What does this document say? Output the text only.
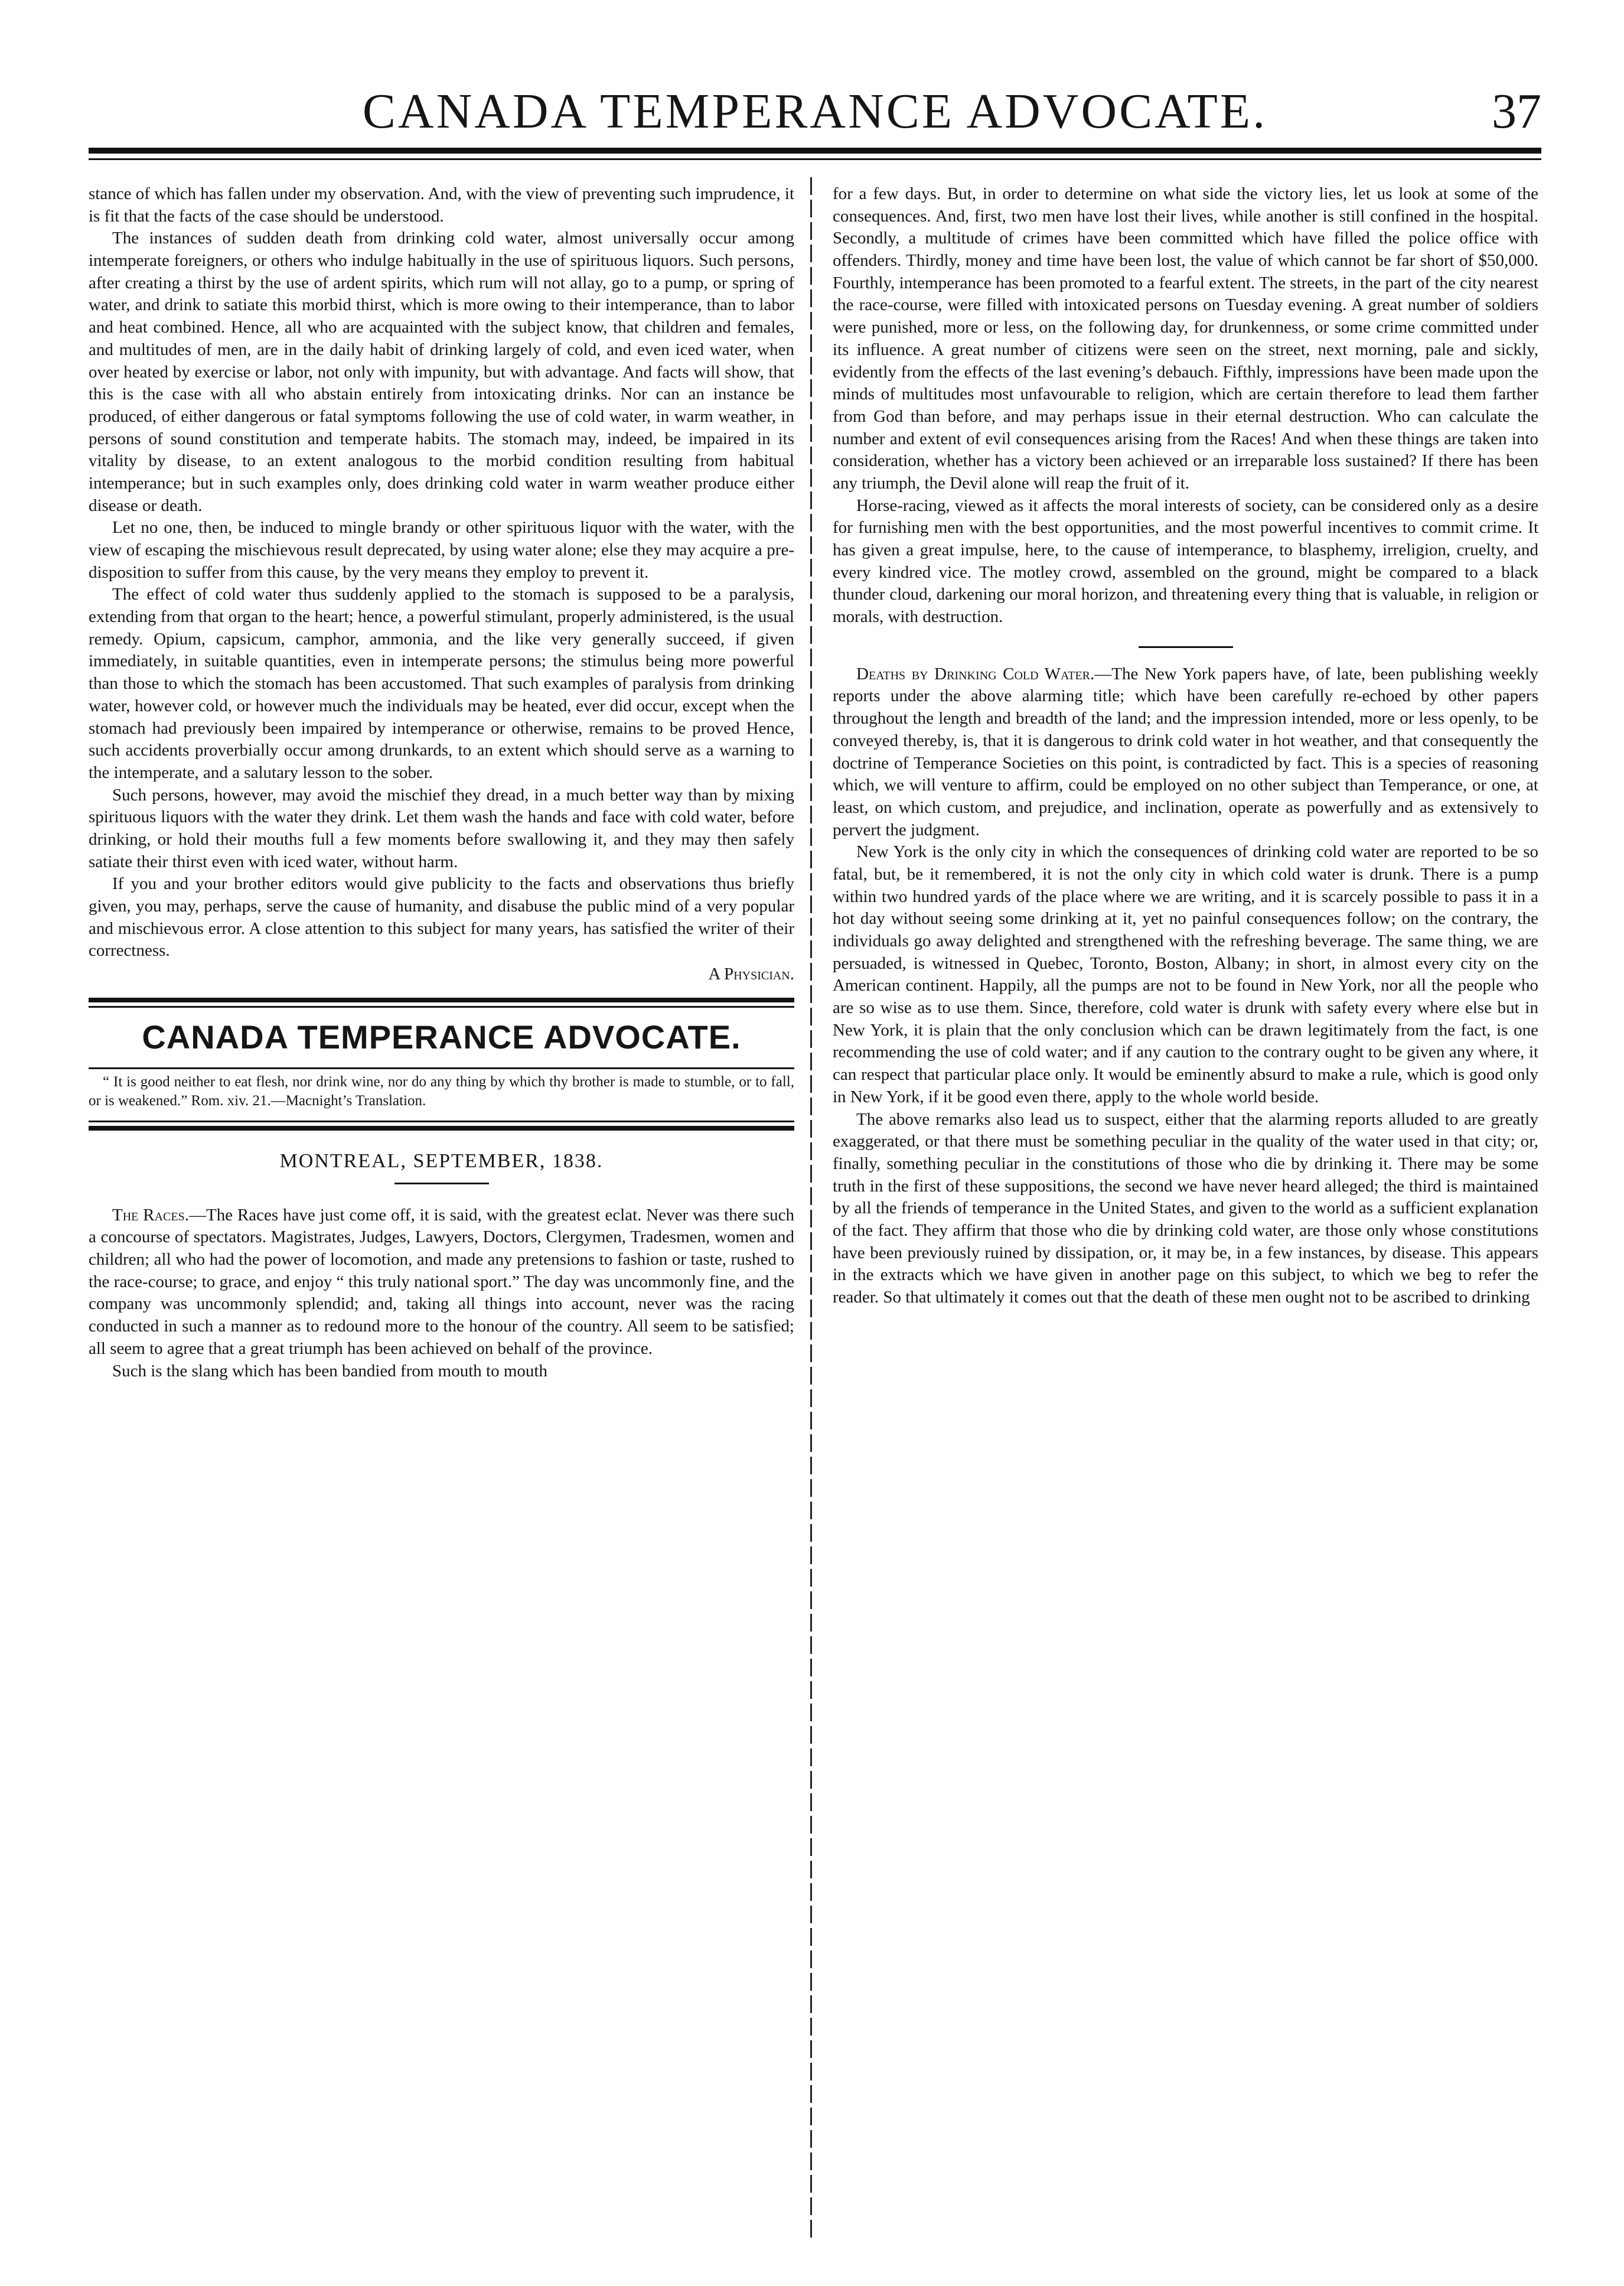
CANADA TEMPERANCE ADVOCATE.	37

stance of which has fallen under my observation. And, with the view of preventing such imprudence, it is fit that the facts of the case should be understood.

The instances of sudden death from drinking cold water, almost universally occur among intemperate foreigners, or others who indulge habitually in the use of spirituous liquors. Such persons, after creating a thirst by the use of ardent spirits, which rum will not allay, go to a pump, or spring of water, and drink to satiate this morbid thirst, which is more owing to their intemperance, than to labor and heat combined. Hence, all who are acquainted with the subject know, that children and females, and multitudes of men, are in the daily habit of drinking largely of cold, and even iced water, when over heated by exercise or labor, not only with impunity, but with advantage. And facts will show, that this is the case with all who abstain entirely from intoxicating drinks. Nor can an instance be produced, of either dangerous or fatal symptoms following the use of cold water, in warm weather, in persons of sound constitution and temperate habits. The stomach may, indeed, be impaired in its vitality by disease, to an extent analogous to the morbid condition resulting from habitual intemperance; but in such examples only, does drinking cold water in warm weather produce either disease or death.

Let no one, then, be induced to mingle brandy or other spirituous liquor with the water, with the view of escaping the mischievous result deprecated, by using water alone; else they may acquire a pre-disposition to suffer from this cause, by the very means they employ to prevent it.

The effect of cold water thus suddenly applied to the stomach is supposed to be a paralysis, extending from that organ to the heart; hence, a powerful stimulant, properly administered, is the usual remedy. Opium, capsicum, camphor, ammonia, and the like very generally succeed, if given immediately, in suitable quantities, even in intemperate persons; the stimulus being more powerful than those to which the stomach has been accustomed. That such examples of paralysis from drinking water, however cold, or however much the individuals may be heated, ever did occur, except when the stomach had previously been impaired by intemperance or otherwise, remains to be proved Hence, such accidents proverbially occur among drunkards, to an extent which should serve as a warning to the intemperate, and a salutary lesson to the sober.

Such persons, however, may avoid the mischief they dread, in a much better way than by mixing spirituous liquors with the water they drink. Let them wash the hands and face with cold water, before drinking, or hold their mouths full a few moments before swallowing it, and they may then safely satiate their thirst even with iced water, without harm.

If you and your brother editors would give publicity to the facts and observations thus briefly given, you may, perhaps, serve the cause of humanity, and disabuse the public mind of a very popular and mischievous error. A close attention to this subject for many years, has satisfied the writer of their correctness.

A Physician.
CANADA TEMPERANCE ADVOCATE.
“ It is good neither to eat flesh, nor drink wine, nor do any thing by which thy brother is made to stumble, or to fall, or is weakened.” Rom. xiv. 21.—Macnight’s Translation.
MONTREAL, SEPTEMBER, 1838.

The Races.—The Races have just come off, it is said, with the greatest eclat. Never was there such a concourse of spectators. Magistrates, Judges, Lawyers, Doctors, Clergymen, Tradesmen, women and children; all who had the power of locomotion, and made any pretensions to fashion or taste, rushed to the race-course; to grace, and enjoy “ this truly national sport.” The day was uncommonly fine, and the company was uncommonly splendid; and, taking all things into account, never was the racing conducted in such a manner as to redound more to the honour of the country. All seem to be satisfied; all seem to agree that a great triumph has been achieved on behalf of the province.

Such is the slang which has been bandied from mouth to mouth

for a few days. But, in order to determine on what side the victory lies, let us look at some of the consequences. And, first, two men have lost their lives, while another is still confined in the hospital. Secondly, a multitude of crimes have been committed which have filled the police office with offenders. Thirdly, money and time have been lost, the value of which cannot be far short of $50,000. Fourthly, intemperance has been promoted to a fearful extent. The streets, in the part of the city nearest the race-course, were filled with intoxicated persons on Tuesday evening. A great number of soldiers were punished, more or less, on the following day, for drunkenness, or some crime committed under its influence. A great number of citizens were seen on the street, next morning, pale and sickly, evidently from the effects of the last evening’s debauch. Fifthly, impressions have been made upon the minds of multitudes most unfavourable to religion, which are certain therefore to lead them farther from God than before, and may perhaps issue in their eternal destruction. Who can calculate the number and extent of evil consequences arising from the Races! And when these things are taken into consideration, whether has a victory been achieved or an irreparable loss sustained? If there has been any triumph, the Devil alone will reap the fruit of it.

Horse-racing, viewed as it affects the moral interests of society, can be considered only as a desire for furnishing men with the best opportunities, and the most powerful incentives to commit crime. It has given a great impulse, here, to the cause of intemperance, to blasphemy, irreligion, cruelty, and every kindred vice. The motley crowd, assembled on the ground, might be compared to a black thunder cloud, darkening our moral horizon, and threatening every thing that is valuable, in religion or morals, with destruction.

Deaths by Drinking Cold Water.—The New York papers have, of late, been publishing weekly reports under the above alarming title; which have been carefully re-echoed by other papers throughout the length and breadth of the land; and the impression intended, more or less openly, to be conveyed thereby, is, that it is dangerous to drink cold water in hot weather, and that consequently the doctrine of Temperance Societies on this point, is contradicted by fact. This is a species of reasoning which, we will venture to affirm, could be employed on no other subject than Temperance, or one, at least, on which custom, and prejudice, and inclination, operate as powerfully and as extensively to pervert the judgment.

New York is the only city in which the consequences of drinking cold water are reported to be so fatal, but, be it remembered, it is not the only city in which cold water is drunk. There is a pump within two hundred yards of the place where we are writing, and it is scarcely possible to pass it in a hot day without seeing some drinking at it, yet no painful consequences follow; on the contrary, the individuals go away delighted and strengthened with the refreshing beverage. The same thing, we are persuaded, is witnessed in Quebec, Toronto, Boston, Albany; in short, in almost every city on the American continent. Happily, all the pumps are not to be found in New York, nor all the people who are so wise as to use them. Since, therefore, cold water is drunk with safety every where else but in New York, it is plain that the only conclusion which can be drawn legitimately from the fact, is one recommending the use of cold water; and if any caution to the contrary ought to be given any where, it can respect that particular place only. It would be eminently absurd to make a rule, which is good only in New York, if it be good even there, apply to the whole world beside.

The above remarks also lead us to suspect, either that the alarming reports alluded to are greatly exaggerated, or that there must be something peculiar in the quality of the water used in that city; or, finally, something peculiar in the constitutions of those who die by drinking it. There may be some truth in the first of these suppositions, the second we have never heard alleged; the third is maintained by all the friends of temperance in the United States, and given to the world as a sufficient explanation of the fact. They affirm that those who die by drinking cold water, are those only whose constitutions have been previously ruined by dissipation, or, it may be, in a few instances, by disease. This appears in the extracts which we have given in another page on this subject, to which we beg to refer the reader. So that ultimately it comes out that the death of these men ought not to be ascribed to drinking
